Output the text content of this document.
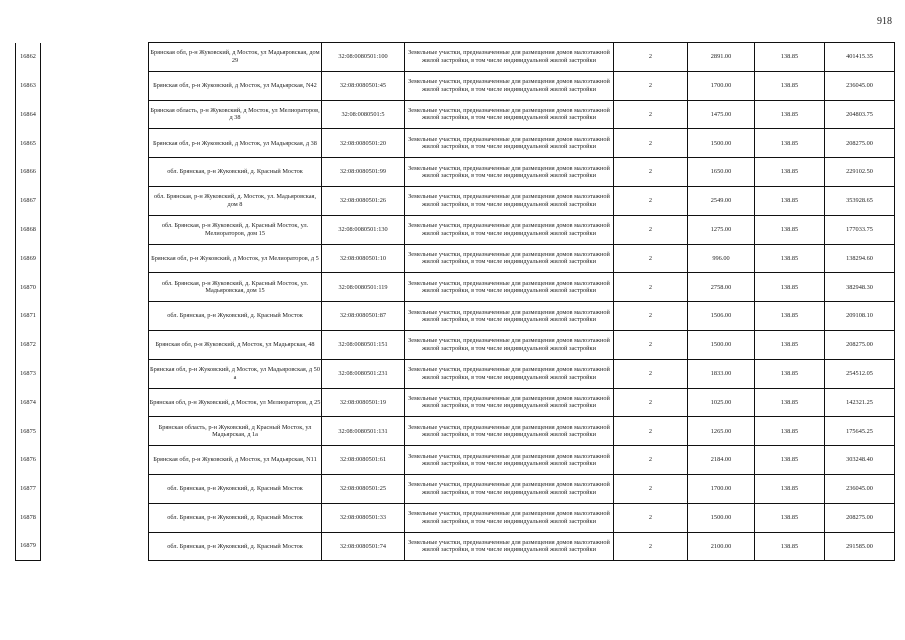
918
16862		Брянская обл, р-н Жуковский, д Мосток, ул Мадьяровская, дом 29	32:08:0080501:100	Земельные участки, предназначенные для размещения домов малоэтажной жилой застройки, в том числе индивидуальной жилой застройки	2	2891.00	138.85	401415.35
16863		Брянская обл, р-н Жуковский, д Мосток, ул Мадьярская, N42	32:08:0080501:45	Земельные участки, предназначенные для размещения домов малоэтажной жилой застройки, в том числе индивидуальной жилой застройки	2	1700.00	138.85	236045.00
16864		Брянская область, р-н Жуковский, д Мосток, ул Мелиораторов, д 38	32:08:0080501:5	Земельные участки, предназначенные для размещения домов малоэтажной жилой застройки, в том числе индивидуальной жилой застройки	2	1475.00	138.85	204803.75
16865		Брянская обл, р-н Жуковский, д Мосток, ул Мадьярская, д 38	32:08:0080501:20	Земельные участки, предназначенные для размещения домов малоэтажной жилой застройки, в том числе индивидуальной жилой застройки	2	1500.00	138.85	208275.00
16866		обл. Брянская, р-н Жуковский, д. Красный Мосток	32:08:0080501:99	Земельные участки, предназначенные для размещения домов малоэтажной жилой застройки, в том числе индивидуальной жилой застройки	2	1650.00	138.85	229102.50
16867		обл. Брянская, р-н Жуковский, д. Мосток, ул. Мадьяровская, дом 8	32:08:0080501:26	Земельные участки, предназначенные для размещения домов малоэтажной жилой застройки, в том числе индивидуальной жилой застройки	2	2549.00	138.85	353928.65
16868		обл. Брянская, р-н Жуковский, д. Красный Мосток, ул. Мелиораторов, дом 15	32:08:0080501:130	Земельные участки, предназначенные для размещения домов малоэтажной жилой застройки, в том числе индивидуальной жилой застройки	2	1275.00	138.85	177033.75
16869		Брянская обл, р-н Жуковский, д Мосток, ул Мелиораторов, д 5	32:08:0080501:10	Земельные участки, предназначенные для размещения домов малоэтажной жилой застройки, в том числе индивидуальной жилой застройки	2	996.00	138.85	138294.60
16870		обл. Брянская, р-н Жуковский, д. Красный Мосток, ул. Мадьяровская, дом 15	32:08:0080501:119	Земельные участки, предназначенные для размещения домов малоэтажной жилой застройки, в том числе индивидуальной жилой застройки	2	2758.00	138.85	382948.30
16871		обл. Брянская, р-н Жуковский, д. Красный Мосток	32:08:0080501:87	Земельные участки, предназначенные для размещения домов малоэтажной жилой застройки, в том числе индивидуальной жилой застройки	2	1506.00	138.85	209108.10
16872		Брянская обл, р-н Жуковский, д Мосток, ул Мадьярская, 48	32:08:0080501:151	Земельные участки, предназначенные для размещения домов малоэтажной жилой застройки, в том числе индивидуальной жилой застройки	2	1500.00	138.85	208275.00
16873		Брянская обл, р-н Жуковский, д Мосток, ул Мадьяровская, д 50 а	32:08:0080501:231	Земельные участки, предназначенные для размещения домов малоэтажной жилой застройки, в том числе индивидуальной жилой застройки	2	1833.00	138.85	254512.05
16874		Брянская обл, р-н Жуковский, д Мосток, ул Мелиораторов, д 25	32:08:0080501:19	Земельные участки, предназначенные для размещения домов малоэтажной жилой застройки, в том числе индивидуальной жилой застройки	2	1025.00	138.85	142321.25
16875		Брянская область, р-н Жуковский, д Красный Мосток, ул Мадьярская, д 1а	32:08:0080501:131	Земельные участки, предназначенные для размещения домов малоэтажной жилой застройки, в том числе индивидуальной жилой застройки	2	1265.00	138.85	175645.25
16876		Брянская обл, р-н Жуковский, д Мосток, ул Мадьярская, N11	32:08:0080501:61	Земельные участки, предназначенные для размещения домов малоэтажной жилой застройки, в том числе индивидуальной жилой застройки	2	2184.00	138.85	303248.40
16877		обл. Брянская, р-н Жуковский, д. Красный Мосток	32:08:0080501:25	Земельные участки, предназначенные для размещения домов малоэтажной жилой застройки, в том числе индивидуальной жилой застройки	2	1700.00	138.85	236045.00
16878		обл. Брянская, р-н Жуковский, д. Красный Мосток	32:08:0080501:33	Земельные участки, предназначенные для размещения домов малоэтажной жилой застройки, в том числе индивидуальной жилой застройки	2	1500.00	138.85	208275.00
16879		обл. Брянская, р-н Жуковский, д. Красный Мосток	32:08:0080501:74	Земельные участки, предназначенные для размещения домов малоэтажной жилой застройки, в том числе индивидуальной жилой застройки	2	2100.00	138.85	291585.00
